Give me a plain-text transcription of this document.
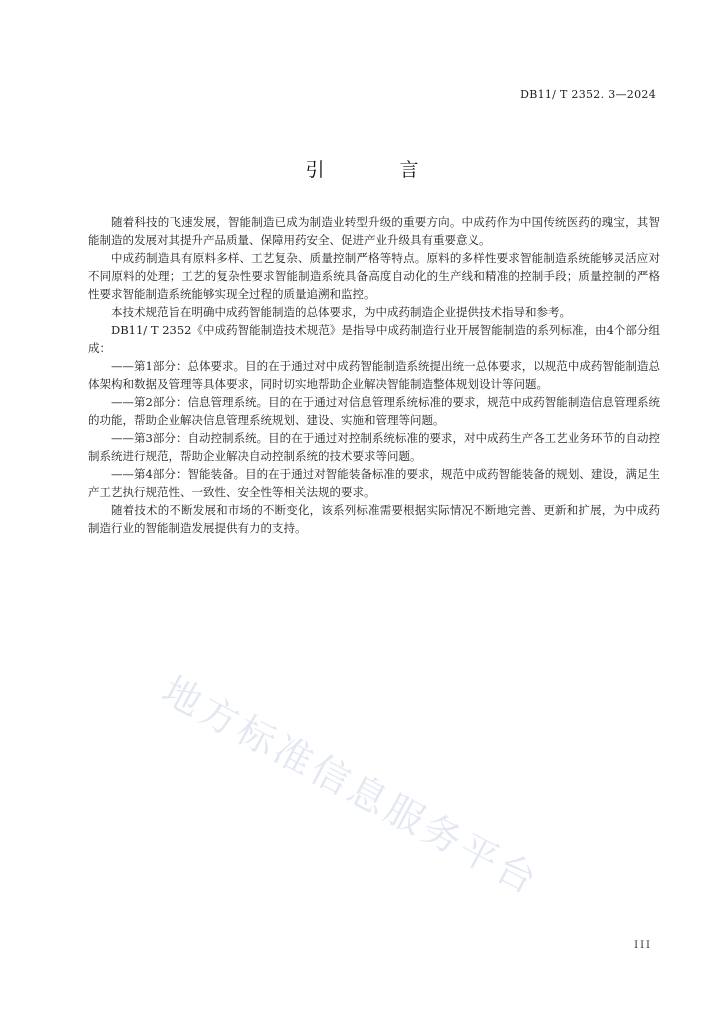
DB11/ T 2352. 3—2024
引　言

随着科技的飞速发展，智能制造已成为制造业转型升级的重要方向。中成药作为中国传统医药的瑰宝，其智能制造的发展对其提升产品质量、保障用药安全、促进产业升级具有重要意义。

中成药制造具有原料多样、工艺复杂、质量控制严格等特点。原料的多样性要求智能制造系统能够灵活应对不同原料的处理；工艺的复杂性要求智能制造系统具备高度自动化的生产线和精准的控制手段；质量控制的严格性要求智能制造系统能够实现全过程的质量追溯和监控。

本技术规范旨在明确中成药智能制造的总体要求，为中成药制造企业提供技术指导和参考。

DB11/ T 2352《中成药智能制造技术规范》是指导中成药制造行业开展智能制造的系列标准，由4个部分组成：

——第1部分：总体要求。目的在于通过对中成药智能制造系统提出统一总体要求，以规范中成药智能制造总体架构和数据及管理等具体要求，同时切实地帮助企业解决智能制造整体规划设计等问题。

——第2部分：信息管理系统。目的在于通过对信息管理系统标准的要求，规范中成药智能制造信息管理系统的功能，帮助企业解决信息管理系统规划、建设、实施和管理等问题。

——第3部分：自动控制系统。目的在于通过对控制系统标准的要求，对中成药生产各工艺业务环节的自动控制系统进行规范，帮助企业解决自动控制系统的技术要求等问题。

——第4部分：智能装备。目的在于通过对智能装备标准的要求，规范中成药智能装备的规划、建设，满足生产工艺执行规范性、一致性、安全性等相关法规的要求。

随着技术的不断发展和市场的不断变化，该系列标准需要根据实际情况不断地完善、更新和扩展，为中成药制造行业的智能制造发展提供有力的支持。

地方标准信息服务平台
III
